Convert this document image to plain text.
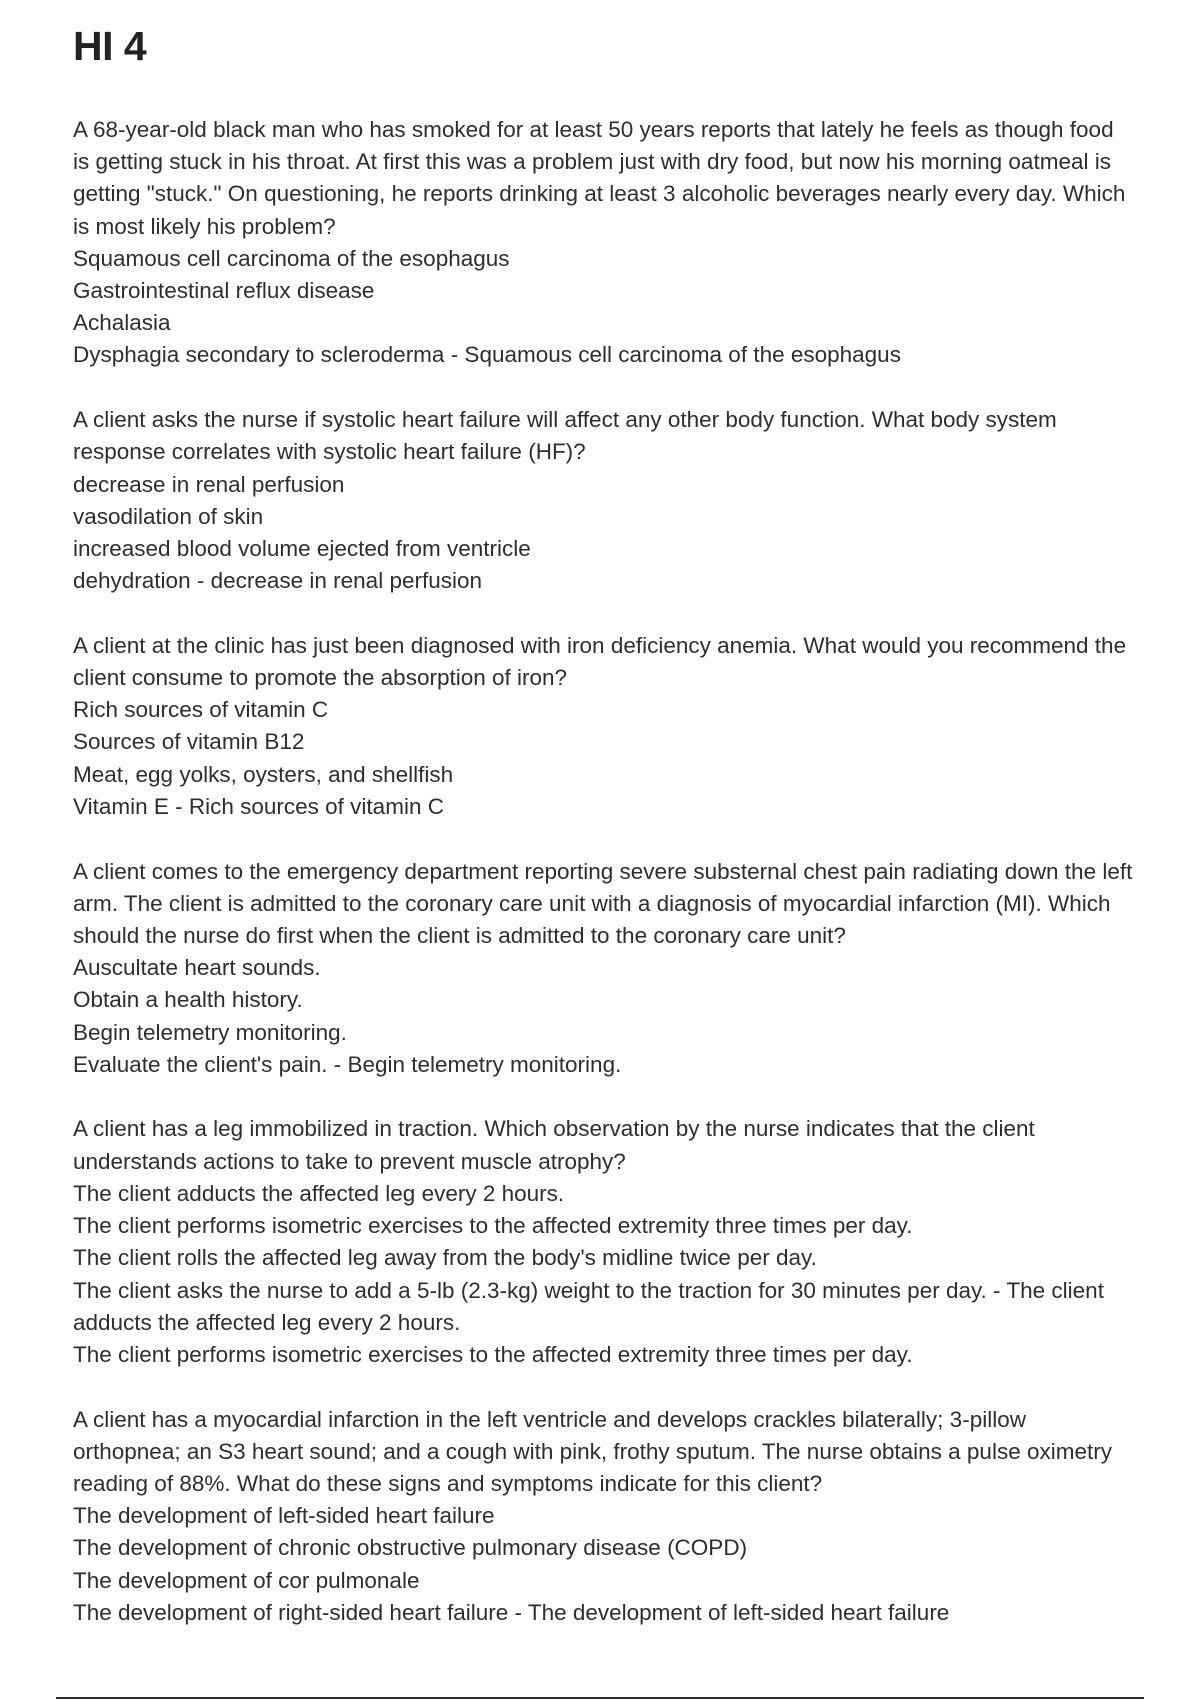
HI 4
A 68-year-old black man who has smoked for at least 50 years reports that lately he feels as though food is getting stuck in his throat. At first this was a problem just with dry food, but now his morning oatmeal is getting "stuck." On questioning, he reports drinking at least 3 alcoholic beverages nearly every day. Which is most likely his problem?
Squamous cell carcinoma of the esophagus
Gastrointestinal reflux disease
Achalasia
Dysphagia secondary to scleroderma - Squamous cell carcinoma of the esophagus
A client asks the nurse if systolic heart failure will affect any other body function. What body system response correlates with systolic heart failure (HF)?
decrease in renal perfusion
vasodilation of skin
increased blood volume ejected from ventricle
dehydration - decrease in renal perfusion
A client at the clinic has just been diagnosed with iron deficiency anemia. What would you recommend the client consume to promote the absorption of iron?
Rich sources of vitamin C
Sources of vitamin B12
Meat, egg yolks, oysters, and shellfish
Vitamin E - Rich sources of vitamin C
A client comes to the emergency department reporting severe substernal chest pain radiating down the left arm. The client is admitted to the coronary care unit with a diagnosis of myocardial infarction (MI). Which should the nurse do first when the client is admitted to the coronary care unit?
Auscultate heart sounds.
Obtain a health history.
Begin telemetry monitoring.
Evaluate the client's pain. - Begin telemetry monitoring.
A client has a leg immobilized in traction. Which observation by the nurse indicates that the client understands actions to take to prevent muscle atrophy?
The client adducts the affected leg every 2 hours.
The client performs isometric exercises to the affected extremity three times per day.
The client rolls the affected leg away from the body's midline twice per day.
The client asks the nurse to add a 5-lb (2.3-kg) weight to the traction for 30 minutes per day. - The client adducts the affected leg every 2 hours.
The client performs isometric exercises to the affected extremity three times per day.
A client has a myocardial infarction in the left ventricle and develops crackles bilaterally; 3-pillow orthopnea; an S3 heart sound; and a cough with pink, frothy sputum. The nurse obtains a pulse oximetry reading of 88%. What do these signs and symptoms indicate for this client?
The development of left-sided heart failure
The development of chronic obstructive pulmonary disease (COPD)
The development of cor pulmonale
The development of right-sided heart failure - The development of left-sided heart failure
